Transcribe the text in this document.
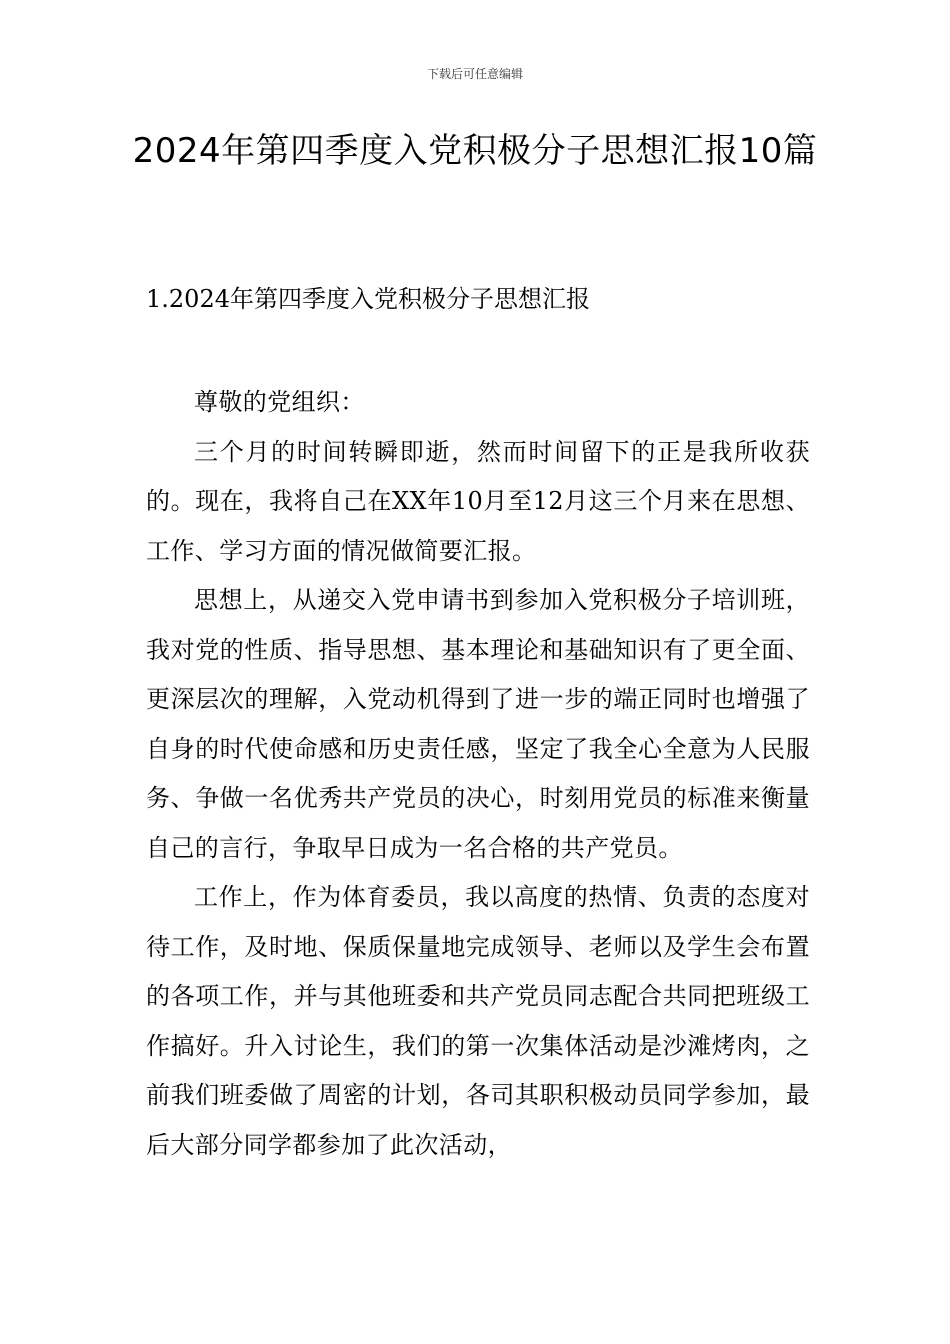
下载后可任意编辑
2024年第四季度入党积极分子思想汇报10篇
1.2024年第四季度入党积极分子思想汇报

尊敬的党组织：

三个月的时间转瞬即逝，然而时间留下的正是我所收获的。现在，我将自己在XX年10月至12月这三个月来在思想、工作、学习方面的情况做简要汇报。

思想上，从递交入党申请书到参加入党积极分子培训班，我对党的性质、指导思想、基本理论和基础知识有了更全面、更深层次的理解，入党动机得到了进一步的端正同时也增强了自身的时代使命感和历史责任感，坚定了我全心全意为人民服务、争做一名优秀共产党员的决心，时刻用党员的标准来衡量自己的言行，争取早日成为一名合格的共产党员。

工作上，作为体育委员，我以高度的热情、负责的态度对待工作，及时地、保质保量地完成领导、老师以及学生会布置的各项工作，并与其他班委和共产党员同志配合共同把班级工作搞好。升入讨论生，我们的第一次集体活动是沙滩烤肉，之前我们班委做了周密的计划，各司其职积极动员同学参加，最后大部分同学都参加了此次活动，
